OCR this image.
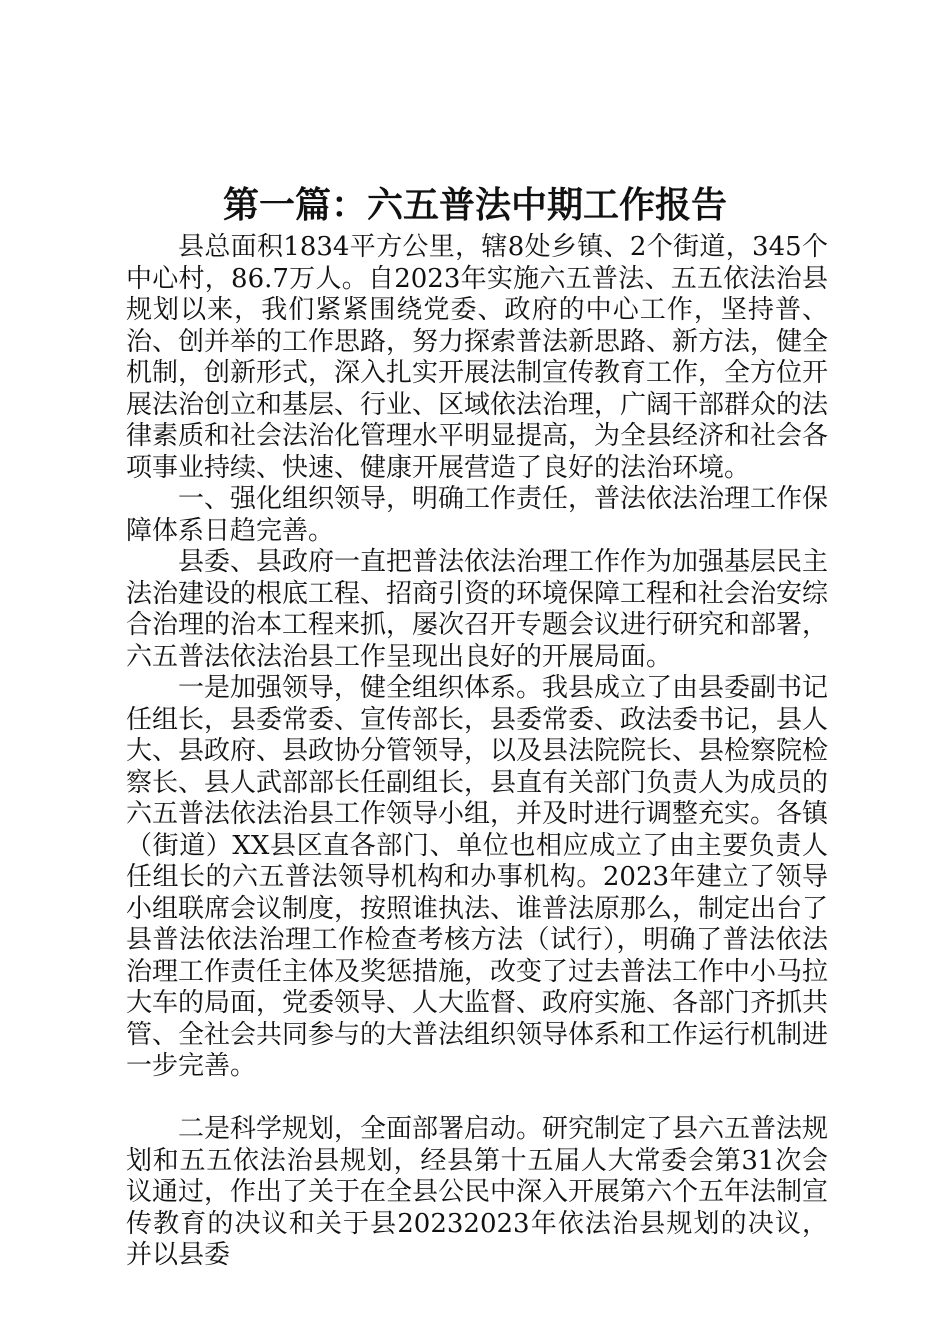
第一篇：六五普法中期工作报告

县总面积1834平方公里，辖8处乡镇、2个街道，345个中心村，86.7万人。自2023年实施六五普法、五五依法治县规划以来，我们紧紧围绕党委、政府的中心工作，坚持普、治、创并举的工作思路，努力探索普法新思路、新方法，健全机制，创新形式，深入扎实开展法制宣传教育工作，全方位开展法治创立和基层、行业、区域依法治理，广阔干部群众的法律素质和社会法治化管理水平明显提高，为全县经济和社会各项事业持续、快速、健康开展营造了良好的法治环境。

一、强化组织领导，明确工作责任，普法依法治理工作保障体系日趋完善。

县委、县政府一直把普法依法治理工作作为加强基层民主法治建设的根底工程、招商引资的环境保障工程和社会治安综合治理的治本工程来抓，屡次召开专题会议进行研究和部署，六五普法依法治县工作呈现出良好的开展局面。

一是加强领导，健全组织体系。我县成立了由县委副书记任组长，县委常委、宣传部长，县委常委、政法委书记，县人大、县政府、县政协分管领导，以及县法院院长、县检察院检察长、县人武部部长任副组长，县直有关部门负责人为成员的六五普法依法治县工作领导小组，并及时进行调整充实。各镇（街道）XX县区直各部门、单位也相应成立了由主要负责人任组长的六五普法领导机构和办事机构。2023年建立了领导小组联席会议制度，按照谁执法、谁普法原那么，制定出台了县普法依法治理工作检查考核方法（试行），明确了普法依法治理工作责任主体及奖惩措施，改变了过去普法工作中小马拉大车的局面，党委领导、人大监督、政府实施、各部门齐抓共管、全社会共同参与的大普法组织领导体系和工作运行机制进一步完善。

二是科学规划，全面部署启动。研究制定了县六五普法规划和五五依法治县规划，经县第十五届人大常委会第31次会议通过，作出了关于在全县公民中深入开展第六个五年法制宣传教育的决议和关于县20232023年依法治县规划的决议，并以县委
